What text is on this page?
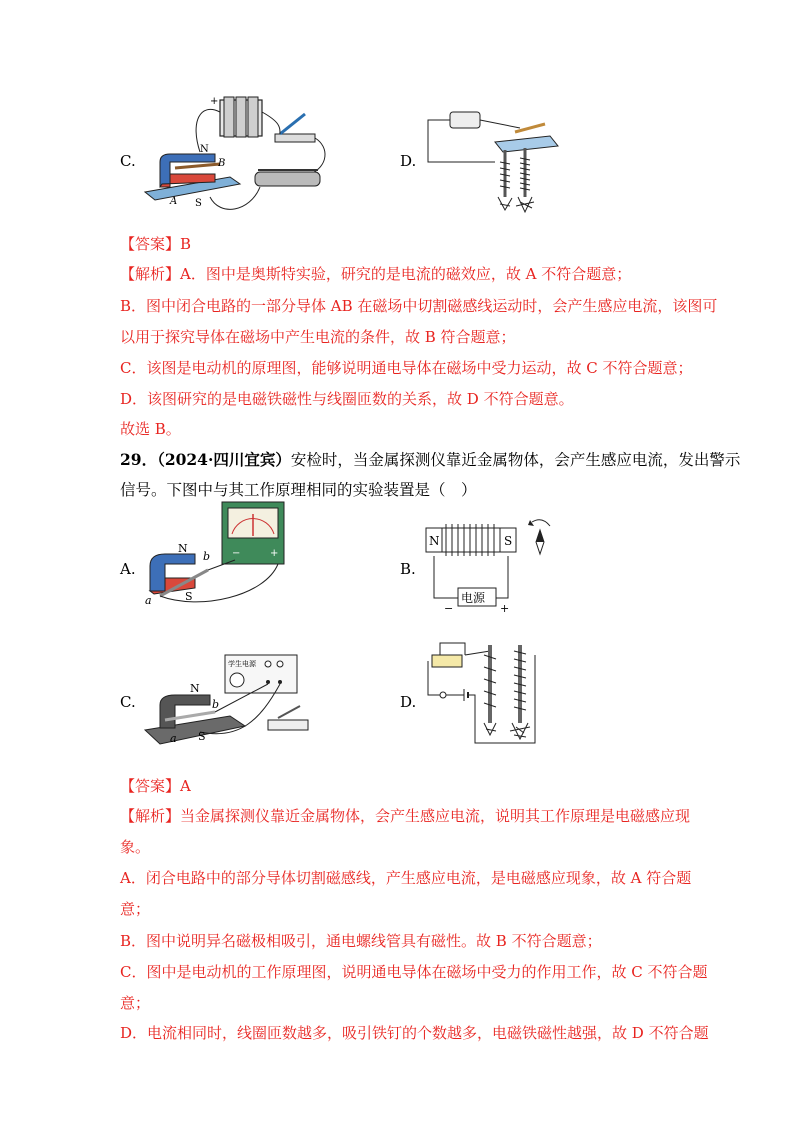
C.
+
N
B
A S
D.
【答案】B
【解析】A．图中是奥斯特实验，研究的是电流的磁效应，故 A 不符合题意；
B．图中闭合电路的一部分导体 AB 在磁场中切割磁感线运动时，会产生感应电流，该图可
以用于探究导体在磁场中产生电流的条件，故 B 符合题意；
C．该图是电动机的原理图，能够说明通电导体在磁场中受力运动，故 C 不符合题意；
D．该图研究的是电磁铁磁性与线圈匝数的关系，故 D 不符合题意。
故选 B。
29．（2024·四川宜宾）安检时，当金属探测仪靠近金属物体，会产生感应电流，发出警示
信号。下图中与其工作原理相同的实验装置是（　）
A.
−	+
N
b
a	S
B.
N	S
电源
−	+
C.
学生电源
N
b
a S
D.
【答案】A
【解析】当金属探测仪靠近金属物体，会产生感应电流，说明其工作原理是电磁感应现
象。
A．闭合电路中的部分导体切割磁感线，产生感应电流，是电磁感应现象，故 A 符合题
意；
B．图中说明异名磁极相吸引，通电螺线管具有磁性。故 B 不符合题意；
C．图中是电动机的工作原理图，说明通电导体在磁场中受力的作用工作，故 C 不符合题
意；
D．电流相同时，线圈匝数越多，吸引铁钉的个数越多，电磁铁磁性越强，故 D 不符合题
